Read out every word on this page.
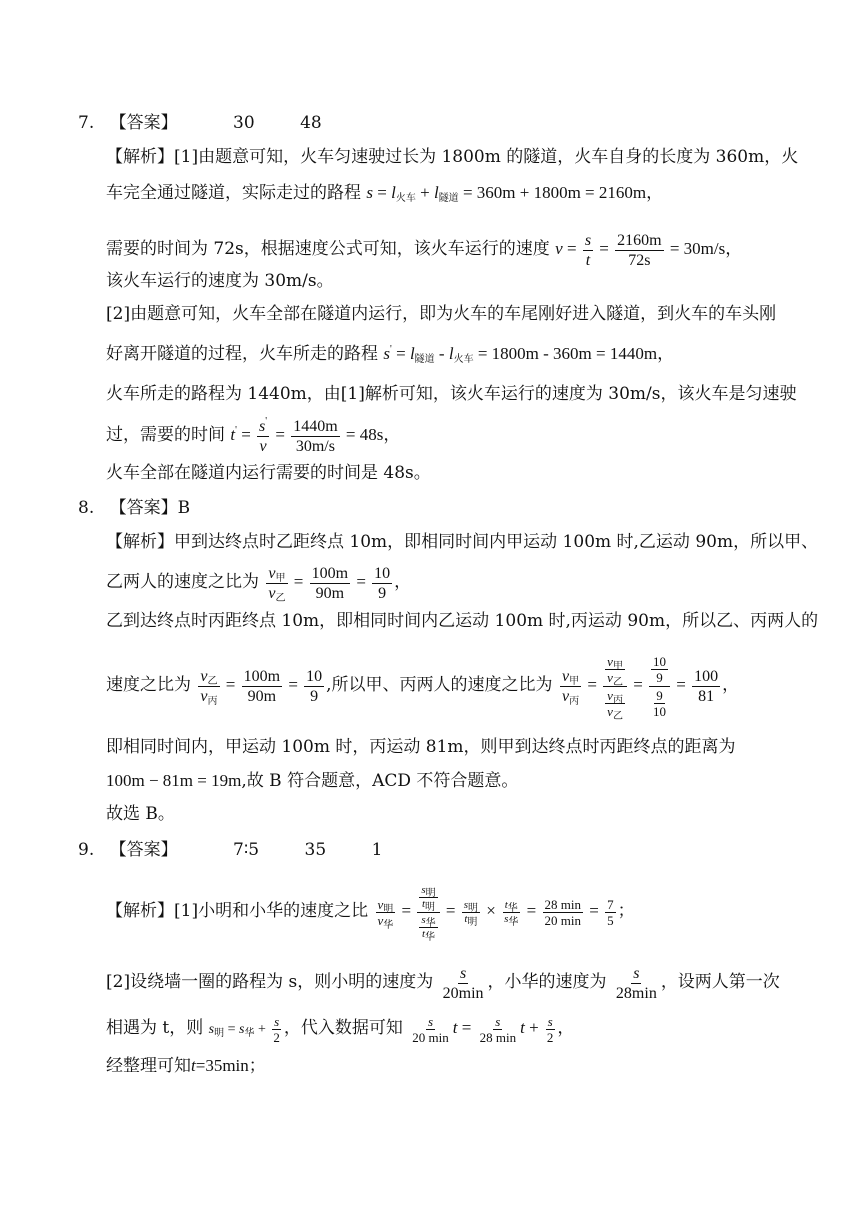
7. 【答案】	30	48
【解析】[1]由题意可知，火车匀速驶过长为 1800m 的隧道，火车自身的长度为 360m，火
车完全通过隧道，实际走过的路程 $s = l_{火车} + l_{隧道} = 360m + 1800m = 2160m$，
需要的时间为 72s，根据速度公式可知，该火车运行的速度 $v = \frac{s}{t} = \frac{2160m}{72s} = 30m/s$，
该火车运行的速度为 30m/s。
[2]由题意可知，火车全部在隧道内运行，即为火车的车尾刚好进入隧道，到火车的车头刚
好离开隧道的过程，火车所走的路程 $s' = l_{隧道} - l_{火车} = 1800m - 360m = 1440m$，
火车所走的路程为 1440m，由[1]解析可知，该火车运行的速度为 30m/s，该火车是匀速驶
过，需要的时间 $t' = \frac{s'}{v} = \frac{1440m}{30m/s} = 48s$，
火车全部在隧道内运行需要的时间是 48s。
8. 【答案】B
【解析】甲到达终点时乙距终点 10m，即相同时间内甲运动 100m 时,乙运动 90m，所以甲、
乙两人的速度之比为 $\frac{v_甲}{v_乙} = \frac{100m}{90m} = \frac{10}{9}$ ，
乙到达终点时丙距终点 10m，即相同时间内乙运动 100m 时,丙运动 90m，所以乙、丙两人的
速度之比为 $\frac{v_乙}{v_丙} = \frac{100m}{90m} = \frac{10}{9}$ ,所以甲、丙两人的速度之比为 $\frac{v_甲}{v_丙} = \frac{\frac{v_甲}{v_乙}}{\frac{v_丙}{v_乙}} = \frac{\frac{10}{9}}{\frac{9}{10}} = \frac{100}{81}$ ，
即相同时间内，甲运动 100m 时，丙运动 81m，则甲到达终点时丙距终点的距离为
100m − 81m = 19m,故 B 符合题意，ACD 不符合题意。
故选 B。
9. 【答案】	7∶5	35	1
【解析】[1]小明和小华的速度之比 $\frac{v_明}{v_华} = \frac{\frac{s_明}{t_明}}{\frac{s_华}{t_华}} = \frac{s_明}{t_明} \times \frac{t_华}{s_华} = \frac{28 \min}{20 \min} = \frac{7}{5}$ ；
[2]设绕墙一圈的路程为 s，则小明的速度为 $\frac{s}{20\min}$ ，小华的速度为 $\frac{s}{28\min}$ ，设两人第一次
相遇为 t，则 $s_明 = s_华 + \frac{s}{2}$ ，代入数据可知 $\frac{s}{20 \min}$ $t = \frac{s}{28 \min}$ $t + \frac{s}{2}$ ，
经整理可知t=35min；
